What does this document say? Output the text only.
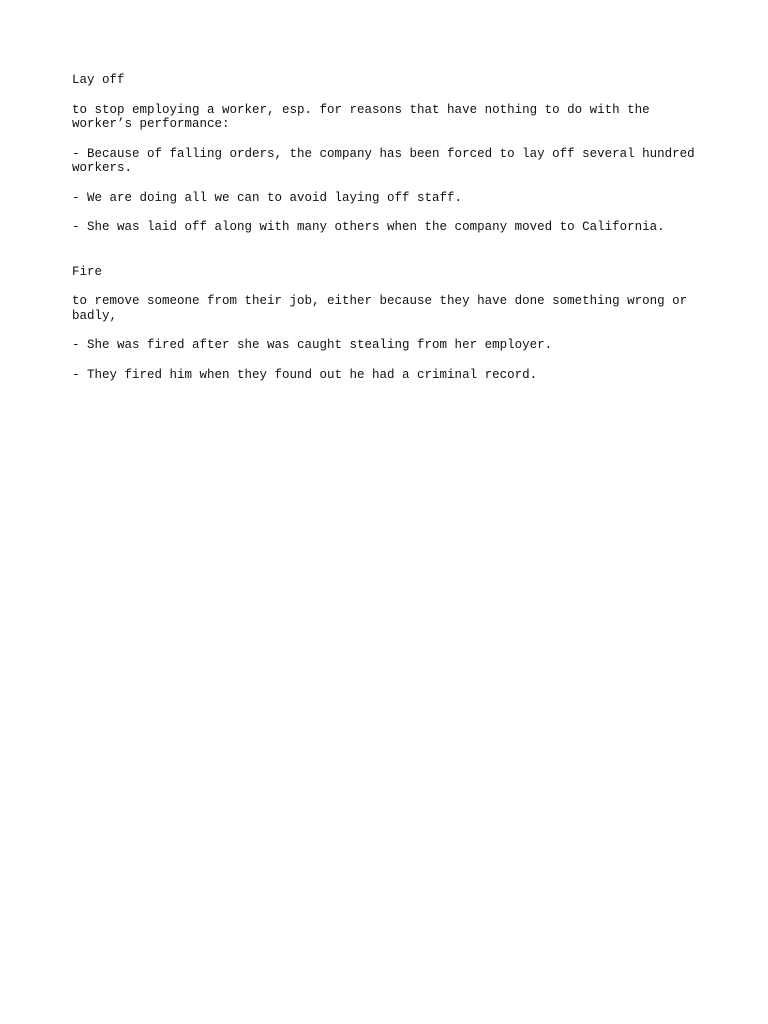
Lay off

to stop employing a worker, esp. for reasons that have nothing to do with the worker’s performance:

- Because of falling orders, the company has been forced to lay off several hundred workers.

- We are doing all we can to avoid laying off staff.

- She was laid off along with many others when the company moved to California.

Fire

to remove someone from their job, either because they have done something wrong or badly,

- She was fired after she was caught stealing from her employer.

- They fired him when they found out he had a criminal record.
